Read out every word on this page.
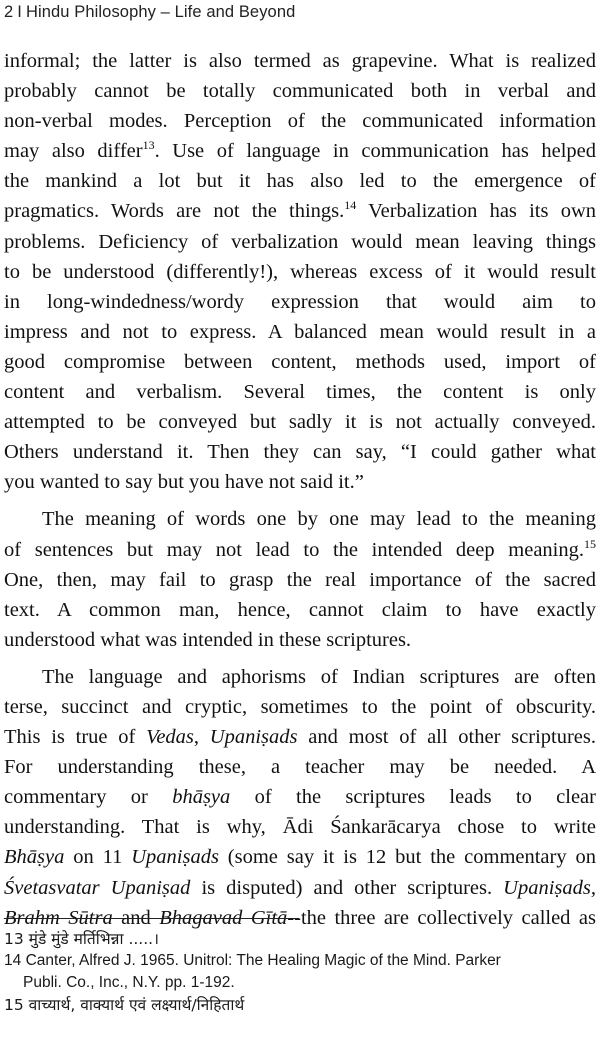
2 I Hindu Philosophy – Life and Beyond

informal; the latter is also termed as grapevine. What is realized
probably cannot be totally communicated both in verbal and
non-verbal modes. Perception of the communicated information
may also differ$^{13}$. Use of language in communication has helped
the mankind a lot but it has also led to the emergence of
pragmatics. Words are not the things.$^{14}$ Verbalization has its own
problems. Deficiency of verbalization would mean leaving things
to be understood (differently!), whereas excess of it would result
in long-windedness/wordy expression that would aim to
impress and not to express. A balanced mean would result in a
good compromise between content, methods used, import of
content and verbalism. Several times, the content is only
attempted to be conveyed but sadly it is not actually conveyed.
Others understand it. Then they can say, “I could gather what
you wanted to say but you have not said it.”

The meaning of words one by one may lead to the meaning
of sentences but may not lead to the intended deep meaning.$^{15}$
One, then, may fail to grasp the real importance of the sacred
text. A common man, hence, cannot claim to have exactly
understood what was intended in these scriptures.

The language and aphorisms of Indian scriptures are often
terse, succinct and cryptic, sometimes to the point of obscurity.
This is true of Vedas, Upaniṣads and most of all other scriptures.
For understanding these, a teacher may be needed. A
commentary or bhāṣya of the scriptures leads to clear
understanding. That is why, Ādi Śankarācarya chose to write
Bhāṣya on 11 Upaniṣads (some say it is 12 but the commentary on
Śvetasvatar Upaniṣad is disputed) and other scriptures. Upaniṣads,
Brahm Sūtra and Bhagavad Gītā--the three are collectively called as

13 मुंडे मुंडे मर्तिभिन्ना .....।
14 Canter, Alfred J. 1965. Unitrol: The Healing Magic of the Mind. Parker
Publi. Co., Inc., N.Y. pp. 1-192.
15 वाच्यार्थ, वाक्यार्थ एवं लक्ष्यार्थ/निहितार्थ
